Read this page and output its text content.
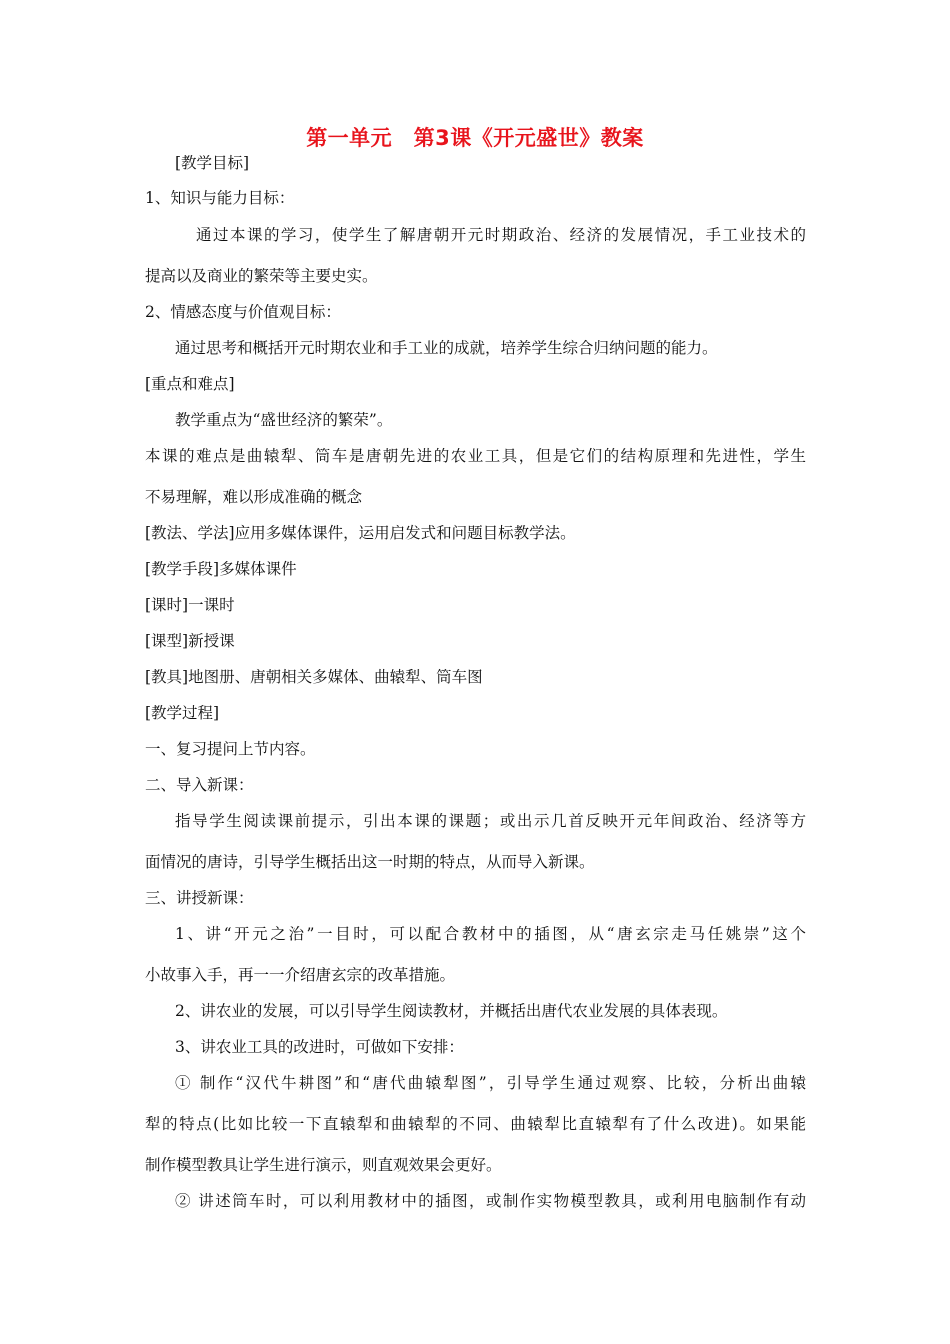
第一单元　第3课《开元盛世》教案
[教学目标]
1、知识与能力目标：
通过本课的学习，使学生了解唐朝开元时期政治、经济的发展情况，手工业技术的
提高以及商业的繁荣等主要史实。
2、情感态度与价值观目标：
通过思考和概括开元时期农业和手工业的成就，培养学生综合归纳问题的能力。
[重点和难点]
教学重点为“盛世经济的繁荣”。
本课的难点是曲辕犁、筒车是唐朝先进的农业工具，但是它们的结构原理和先进性，学生
不易理解，难以形成准确的概念
[教法、学法]应用多媒体课件，运用启发式和问题目标教学法。
[教学手段]多媒体课件
[课时]一课时
[课型]新授课
[教具]地图册、唐朝相关多媒体、曲辕犁、筒车图
[教学过程]
一、复习提问上节内容。
二、导入新课：
指导学生阅读课前提示，引出本课的课题；或出示几首反映开元年间政治、经济等方
面情况的唐诗，引导学生概括出这一时期的特点，从而导入新课。
三、讲授新课：
1、讲“开元之治”一目时，可以配合教材中的插图，从“唐玄宗走马任姚崇”这个
小故事入手，再一一介绍唐玄宗的改革措施。
2、讲农业的发展，可以引导学生阅读教材，并概括出唐代农业发展的具体表现。
3、讲农业工具的改进时，可做如下安排：
① 制作“汉代牛耕图”和“唐代曲辕犁图”，引导学生通过观察、比较，分析出曲辕
犁的特点(比如比较一下直辕犁和曲辕犁的不同、曲辕犁比直辕犁有了什么改进)。如果能
制作模型教具让学生进行演示，则直观效果会更好。
② 讲述筒车时，可以利用教材中的插图，或制作实物模型教具，或利用电脑制作有动
